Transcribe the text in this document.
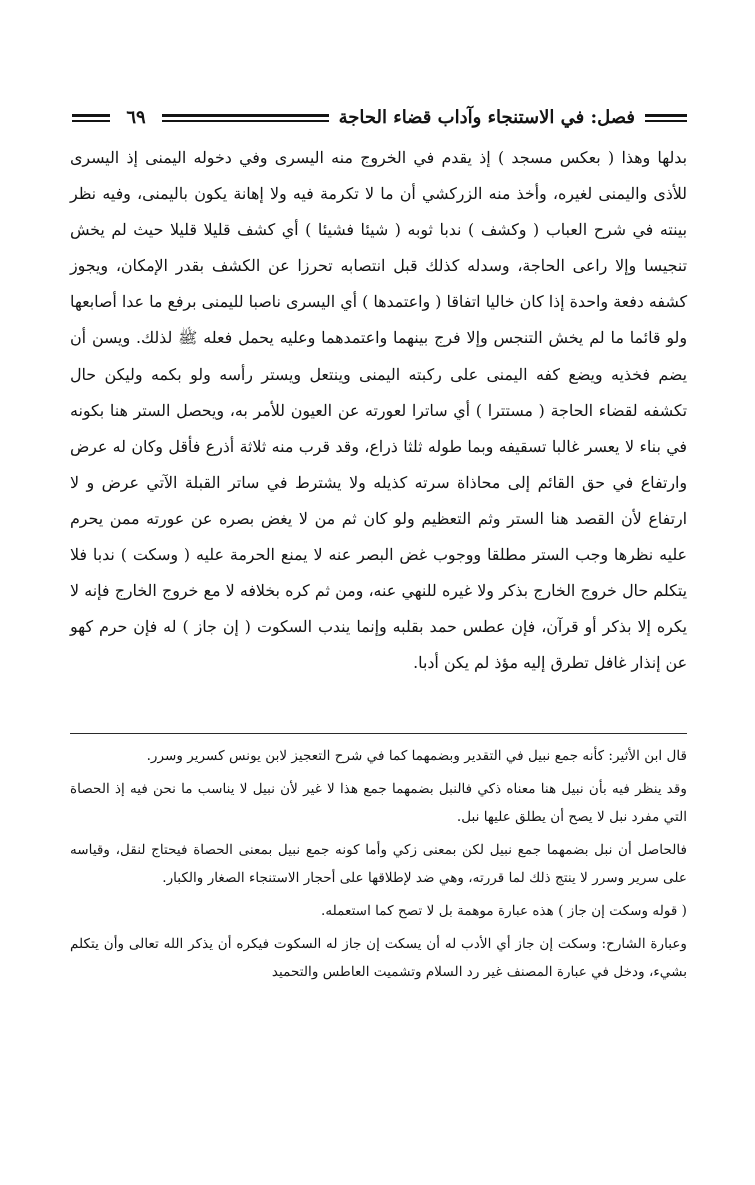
٦٩	فصل: في الاستنجاء وآداب قضاء الحاجة

بدلها وهذا ( بعكس مسجد ) إذ يقدم في الخروج منه اليسرى وفي دخوله اليمنى إذ اليسرى للأذى واليمنى لغيره، وأخذ منه الزركشي أن ما لا تكرمة فيه ولا إهانة يكون باليمنى، وفيه نظر بينته في شرح العباب ( وكشف ) ندبا ثوبه ( شيئا فشيئا ) أي كشف قليلا قليلا حيث لم يخش تنجيسا وإلا راعى الحاجة، وسدله كذلك قبل انتصابه تحرزا عن الكشف بقدر الإمكان، ويجوز كشفه دفعة واحدة إذا كان خاليا اتفاقا ( واعتمدها ) أي اليسرى ناصبا لليمنى برفع ما عدا أصابعها ولو قائما ما لم يخش التنجس وإلا فرج بينهما واعتمدهما وعليه يحمل فعله ﷺ لذلك. ويسن أن يضم فخذيه ويضع كفه اليمنى على ركبته اليمنى وينتعل ويستر رأسه ولو بكمه وليكن حال تكشفه لقضاء الحاجة ( مستترا ) أي ساترا لعورته عن العيون للأمر به، ويحصل الستر هنا بكونه في بناء لا يعسر غالبا تسقيفه وبما طوله ثلثا ذراع، وقد قرب منه ثلاثة أذرع فأقل وكان له عرض وارتفاع في حق القائم إلى محاذاة سرته كذيله ولا يشترط في ساتر القبلة الآتي عرض و لا ارتفاع لأن القصد هنا الستر وثم التعظيم ولو كان ثم من لا يغض بصره عن عورته ممن يحرم عليه نظرها وجب الستر مطلقا ووجوب غض البصر عنه لا يمنع الحرمة عليه ( وسكت ) ندبا فلا يتكلم حال خروج الخارج بذكر ولا غيره للنهي عنه، ومن ثم كره بخلافه لا مع خروج الخارج فإنه لا يكره إلا بذكر أو قرآن، فإن عطس حمد بقلبه وإنما يندب السكوت ( إن جاز ) له فإن حرم كهو عن إنذار غافل تطرق إليه مؤذ لم يكن أدبا.

قال ابن الأثير: كأنه جمع نبيل في التقدير وبضمهما كما في شرح التعجيز لابن يونس كسرير وسرر.

وقد ينظر فيه بأن نبيل هنا معناه ذكي فالنبل بضمهما جمع هذا لا غير لأن نبيل لا يناسب ما نحن فيه إذ الحصاة التي مفرد نبل لا يصح أن يطلق عليها نبل.

فالحاصل أن نبل بضمهما جمع نبيل لكن بمعنى زكي وأما كونه جمع نبيل بمعنى الحصاة فيحتاج لنقل، وقياسه على سرير وسرر لا ينتج ذلك لما قررته، وهي ضد لإطلاقها على أحجار الاستنجاء الصغار والكبار.

( قوله وسكت إن جاز ) هذه عبارة موهمة بل لا تصح كما استعمله.

وعبارة الشارح: وسكت إن جاز أي الأدب له أن يسكت إن جاز له السكوت فيكره أن يذكر الله تعالى وأن يتكلم بشيء، ودخل في عبارة المصنف غير رد السلام وتشميت العاطس والتحميد
